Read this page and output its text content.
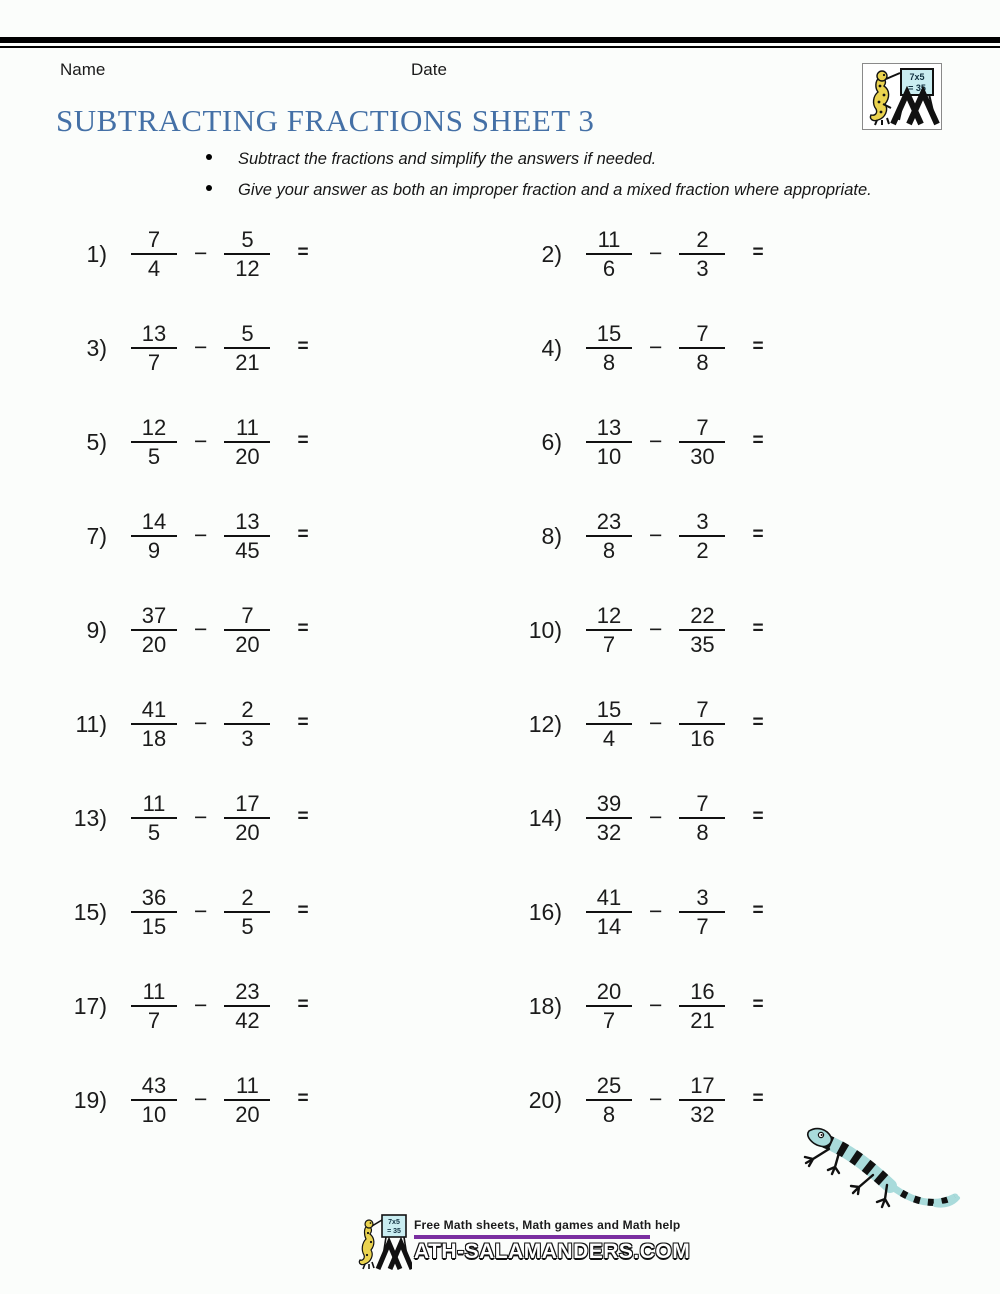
Name	Date	7x5
= 35
SUBTRACTING FRACTIONS SHEET 3
Subtract the fractions and simplify the answers if needed.
Give your answer as both an improper fraction and a mixed fraction where appropriate.
$1) \frac{7}{4} - \frac{5}{12}$ =	$2) \frac{11}{6} - \frac{2}{3}$ =
$3) \frac{13}{7} - \frac{5}{21}$ =	$4) \frac{15}{8} - \frac{7}{8}$ =
$5) \frac{12}{5} - \frac{11}{20}$ =	$6) \frac{13}{10} - \frac{7}{30}$ =
$7) \frac{14}{9} - \frac{13}{45}$ =	$8) \frac{23}{8} - \frac{3}{2}$ =
$9) \frac{37}{20} - \frac{7}{20}$ =	$10) \frac{12}{7} - \frac{22}{35}$ =
$11) \frac{41}{18} - \frac{2}{3}$ =	$12) \frac{15}{4} - \frac{7}{16}$ =
$13) \frac{11}{5} - \frac{17}{20}$ =	$14) \frac{39}{32} - \frac{7}{8}$ =
$15) \frac{36}{15} - \frac{2}{5}$ =	$16) \frac{41}{14} - \frac{3}{7}$ =
$17) \frac{11}{7} - \frac{23}{42}$ =	$18) \frac{20}{7} - \frac{16}{21}$ =
$19) \frac{43}{10} - \frac{11}{20}$ =	$20) \frac{25}{8} - \frac{17}{32}$ =
7x5
= 35 Free Math sheets, Math games and Math help
ATH-SALAMANDERS.COM
